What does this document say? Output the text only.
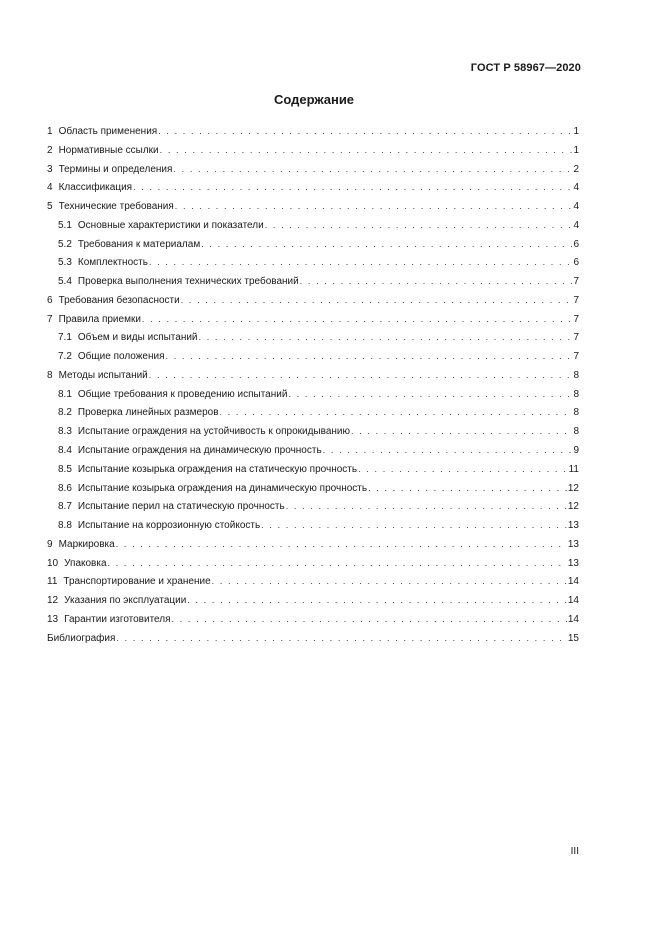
ГОСТ Р 58967—2020
Содержание
1 Область применения . . .	1
2 Нормативные ссылки . . .	1
3 Термины и определения . . .	2
4 Классификация . . .	4
5 Технические требования . . .	4
5.1 Основные характеристики и показатели . . .	4
5.2 Требования к материалам . . .	6
5.3 Комплектность . . .	6
5.4 Проверка выполнения технических требований . . .	7
6 Требования безопасности . . .	7
7 Правила приемки . . .	7
7.1 Объем и виды испытаний . . .	7
7.2 Общие положения . . .	7
8 Методы испытаний . . .	8
8.1 Общие требования к проведению испытаний . . .	8
8.2 Проверка линейных размеров . . .	8
8.3 Испытание ограждения на устойчивость к опрокидыванию . . .	8
8.4 Испытание ограждения на динамическую прочность . . .	9
8.5 Испытание козырька ограждения на статическую прочность . . .	11
8.6 Испытание козырька ограждения на динамическую прочность . . .	12
8.7 Испытание перил на статическую прочность . . .	12
8.8 Испытание на коррозионную стойкость . . .	13
9 Маркировка . . .	13
10 Упаковка . . .	13
11 Транспортирование и хранение . . .	14
12 Указания по эксплуатации . . .	14
13 Гарантии изготовителя . . .	14
Библиография . . .	15
III
